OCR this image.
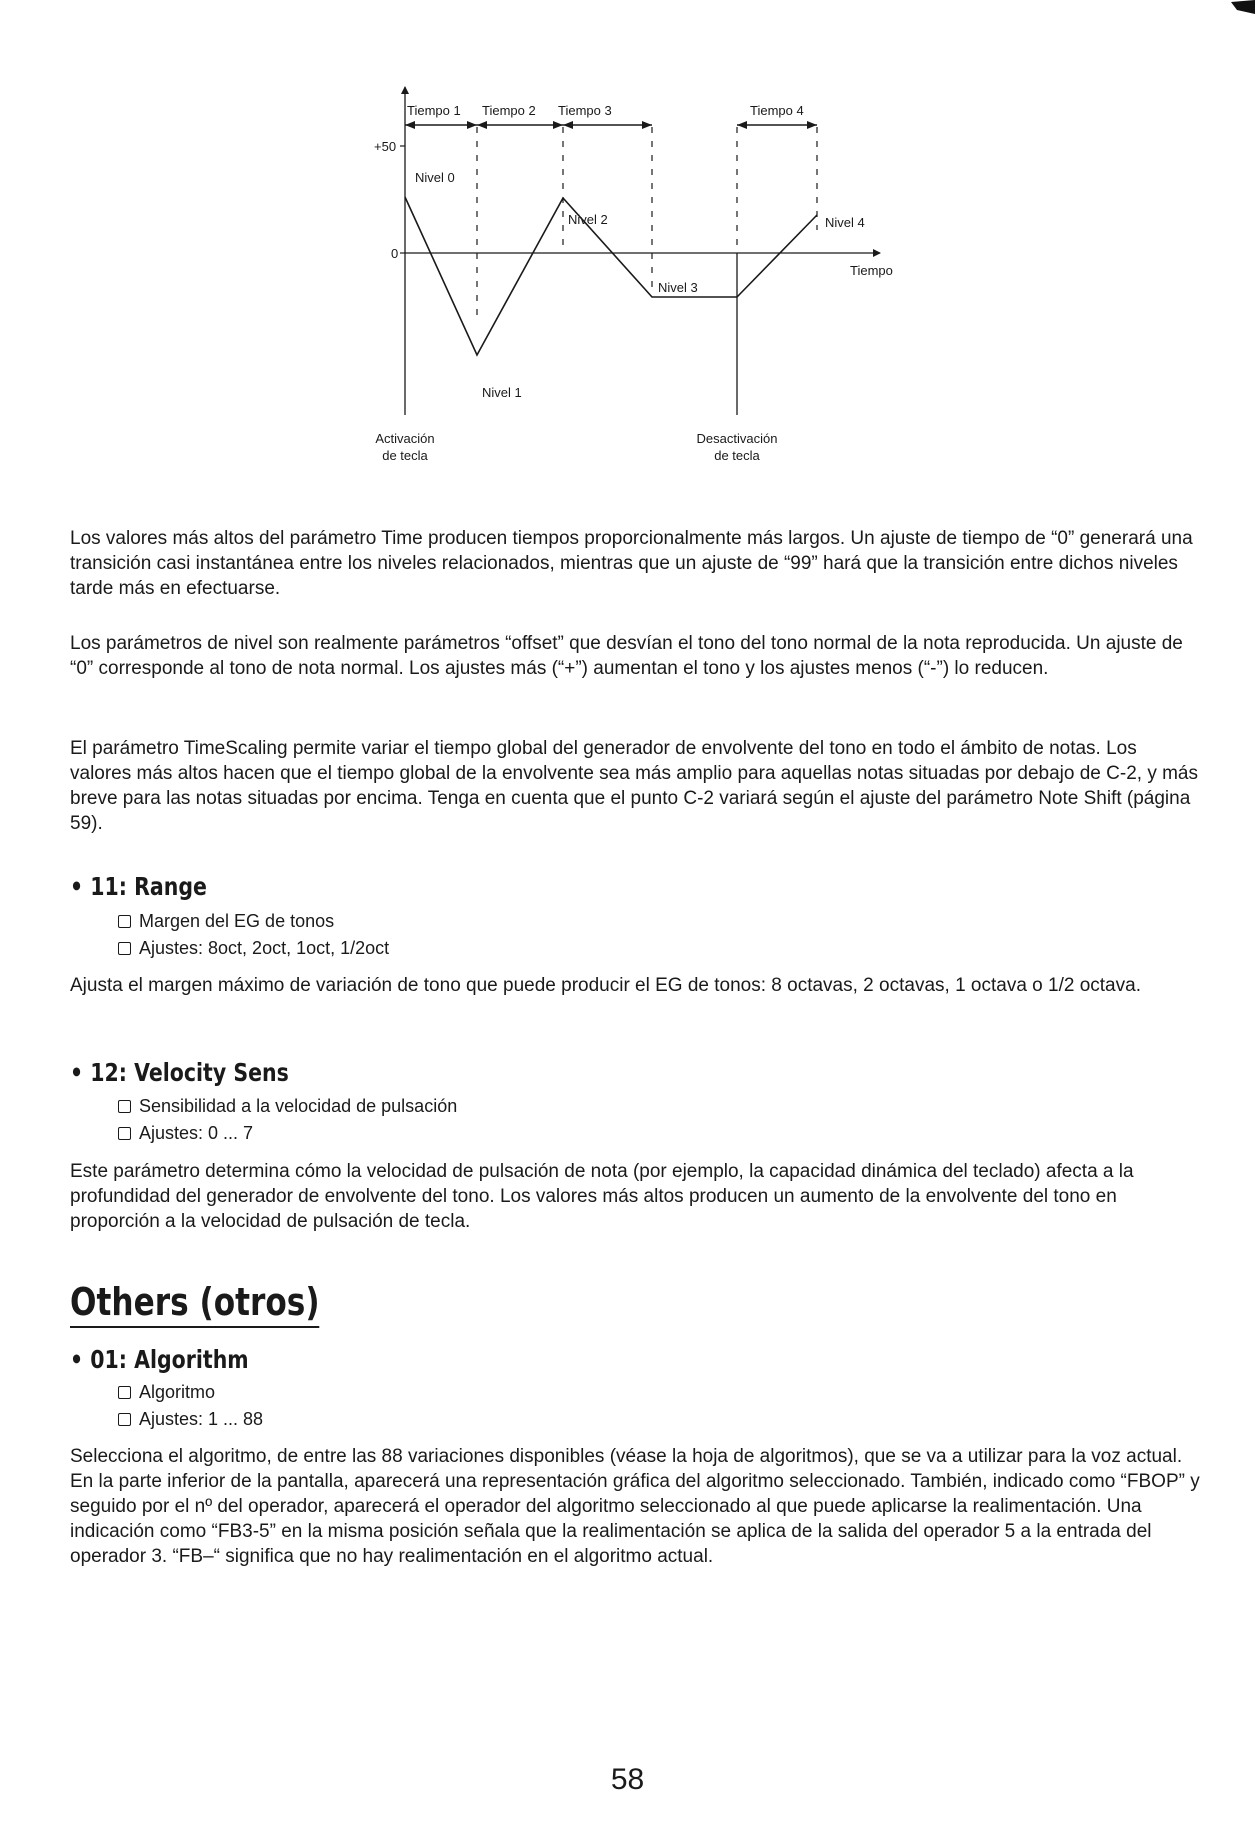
Tiempo 1 Tiempo 2 Tiempo 3	Tiempo 4
+50
0
Nivel 0
Nivel 1
Nivel 2
Nivel 3
Nivel 4
Tiempo
Activación
de tecla
Desactivación
de tecla

Los valores más altos del parámetro Time producen tiempos proporcionalmente más largos. Un ajuste de tiempo de “0” generará una transición casi instantánea entre los niveles relacionados, mientras que un ajuste de “99” hará que la transición entre dichos niveles tarde más en efectuarse.

Los parámetros de nivel son realmente parámetros “offset” que desvían el tono del tono normal de la nota reproducida. Un ajuste de “0” corresponde al tono de nota normal. Los ajustes más (“+”) aumentan el tono y los ajustes menos (“-”) lo reducen.

El parámetro TimeScaling permite variar el tiempo global del generador de envolvente del tono en todo el ámbito de notas. Los valores más altos hacen que el tiempo global de la envolvente sea más amplio para aquellas notas situadas por debajo de C-2, y más breve para las notas situadas por encima. Tenga en cuenta que el punto C-2 variará según el ajuste del parámetro Note Shift (página 59).

• 11: Range
Margen del EG de tonos
Ajustes: 8oct, 2oct, 1oct, 1/2oct

Ajusta el margen máximo de variación de tono que puede producir el EG de tonos: 8 octavas, 2 octavas, 1 octava o 1/2 octava.

• 12: Velocity Sens
Sensibilidad a la velocidad de pulsación
Ajustes: 0 ... 7

Este parámetro determina cómo la velocidad de pulsación de nota (por ejemplo, la capacidad dinámica del teclado) afecta a la profundidad del generador de envolvente del tono. Los valores más altos producen un aumento de la envolvente del tono en proporción a la velocidad de pulsación de tecla.

Others (otros)
• 01: Algorithm
Algoritmo
Ajustes: 1 ... 88

Selecciona el algoritmo, de entre las 88 variaciones disponibles (véase la hoja de algoritmos), que se va a utilizar para la voz actual. En la parte inferior de la pantalla, aparecerá una representación gráfica del algoritmo seleccionado. También, indicado como “FBOP” y seguido por el nº del operador, aparecerá el operador del algoritmo seleccionado al que puede aplicarse la realimentación. Una indicación como “FB3-5” en la misma posición señala que la realimentación se aplica de la salida del operador 5 a la entrada del operador 3. “FB–“ significa que no hay realimentación en el algoritmo actual.

58
